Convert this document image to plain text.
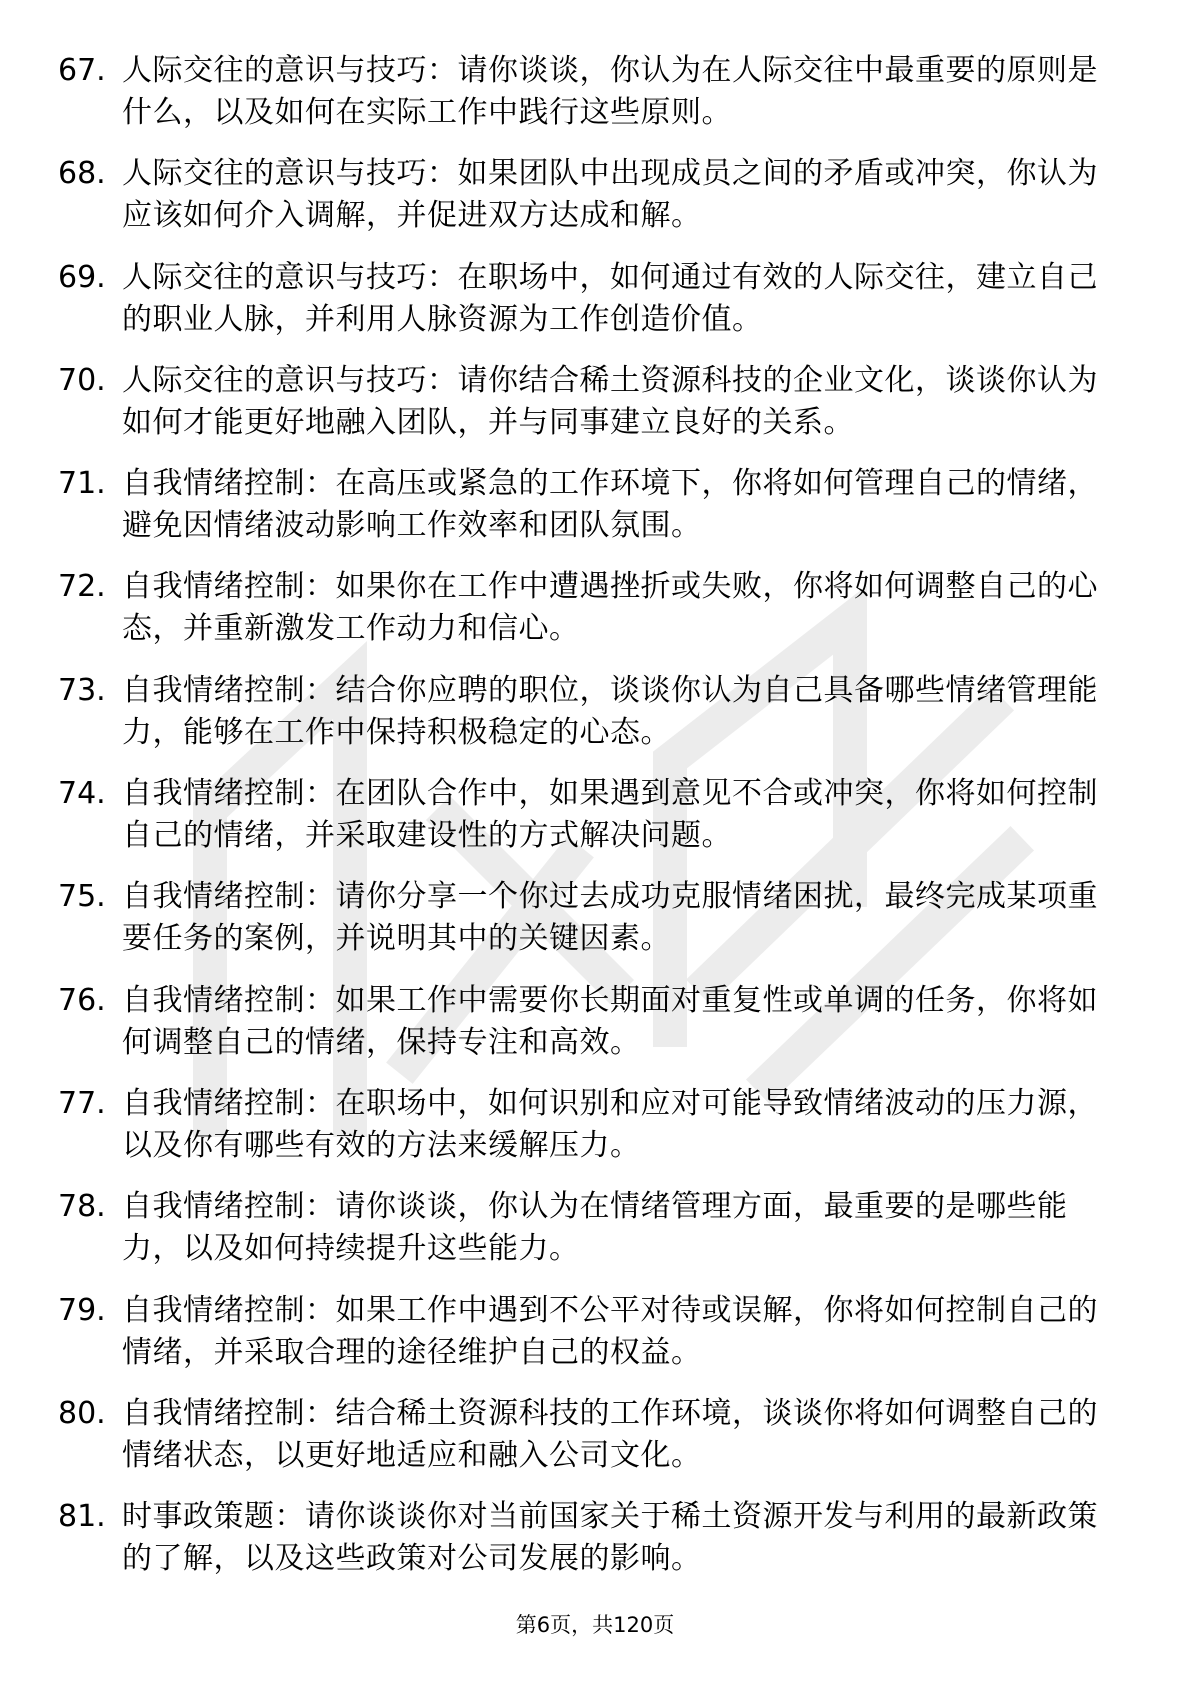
67. 人际交往的意识与技巧：请你谈谈，你认为在人际交往中最重要的原则是什么，以及如何在实际工作中践行这些原则。
68. 人际交往的意识与技巧：如果团队中出现成员之间的矛盾或冲突，你认为应该如何介入调解，并促进双方达成和解。
69. 人际交往的意识与技巧：在职场中，如何通过有效的人际交往，建立自己的职业人脉，并利用人脉资源为工作创造价值。
70. 人际交往的意识与技巧：请你结合稀土资源科技的企业文化，谈谈你认为如何才能更好地融入团队，并与同事建立良好的关系。
71. 自我情绪控制：在高压或紧急的工作环境下，你将如何管理自己的情绪，避免因情绪波动影响工作效率和团队氛围。
72. 自我情绪控制：如果你在工作中遭遇挫折或失败，你将如何调整自己的心态，并重新激发工作动力和信心。
73. 自我情绪控制：结合你应聘的职位，谈谈你认为自己具备哪些情绪管理能力，能够在工作中保持积极稳定的心态。
74. 自我情绪控制：在团队合作中，如果遇到意见不合或冲突，你将如何控制自己的情绪，并采取建设性的方式解决问题。
75. 自我情绪控制：请你分享一个你过去成功克服情绪困扰，最终完成某项重要任务的案例，并说明其中的关键因素。
76. 自我情绪控制：如果工作中需要你长期面对重复性或单调的任务，你将如何调整自己的情绪，保持专注和高效。
77. 自我情绪控制：在职场中，如何识别和应对可能导致情绪波动的压力源，以及你有哪些有效的方法来缓解压力。
78. 自我情绪控制：请你谈谈，你认为在情绪管理方面，最重要的是哪些能力，以及如何持续提升这些能力。
79. 自我情绪控制：如果工作中遇到不公平对待或误解，你将如何控制自己的情绪，并采取合理的途径维护自己的权益。
80. 自我情绪控制：结合稀土资源科技的工作环境，谈谈你将如何调整自己的情绪状态，以更好地适应和融入公司文化。
81. 时事政策题：请你谈谈你对当前国家关于稀土资源开发与利用的最新政策的了解，以及这些政策对公司发展的影响。
第6页，共120页
